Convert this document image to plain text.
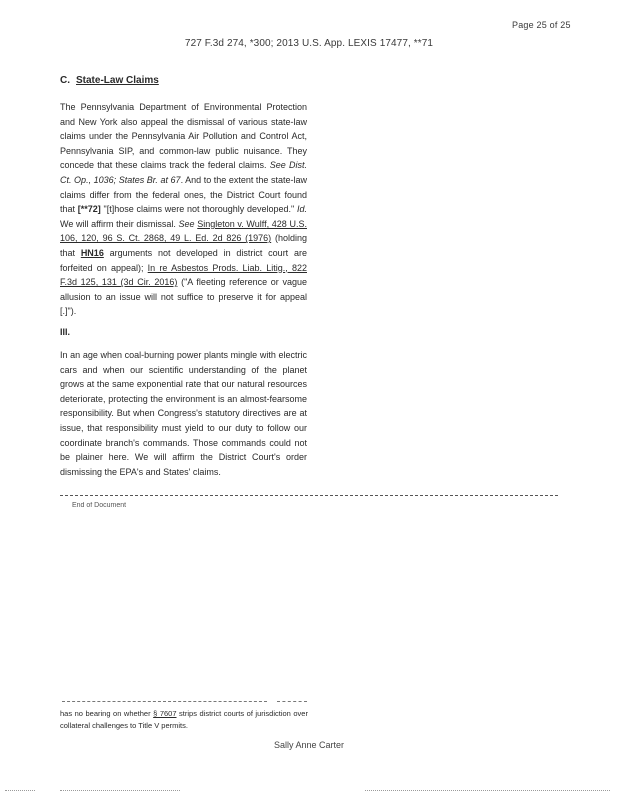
Page 25 of 25
727 F.3d 274, *300; 2013 U.S. App. LEXIS 17477, **71
C. State-Law Claims
The Pennsylvania Department of Environmental Protection and New York also appeal the dismissal of various state-law claims under the Pennsylvania Air Pollution and Control Act, Pennsylvania SIP, and common-law public nuisance. They concede that these claims track the federal claims. See Dist. Ct. Op., 1036; States Br. at 67. And to the extent the state-law claims differ from the federal ones, the District Court found that [**72] "[t]hose claims were not thoroughly developed." Id. We will affirm their dismissal. See Singleton v. Wulff, 428 U.S. 106, 120, 96 S. Ct. 2868, 49 L. Ed. 2d 826 (1976) (holding that HN16 arguments not developed in district court are forfeited on appeal); In re Asbestos Prods. Liab. Litig., 822 F.3d 125, 131 (3d Cir. 2016) ("A fleeting reference or vague allusion to an issue will not suffice to preserve it for appeal [.]").
III.
In an age when coal-burning power plants mingle with electric cars and when our scientific understanding of the planet grows at the same exponential rate that our natural resources deteriorate, protecting the environment is an almost-fearsome responsibility. But when Congress's statutory directives are at issue, that responsibility must yield to our duty to follow our coordinate branch's commands. Those commands could not be plainer here. We will affirm the District Court's order dismissing the EPA's and States' claims.
End of Document
has no bearing on whether § 7607 strips district courts of jurisdiction over collateral challenges to Title V permits.
Sally Anne Carter
